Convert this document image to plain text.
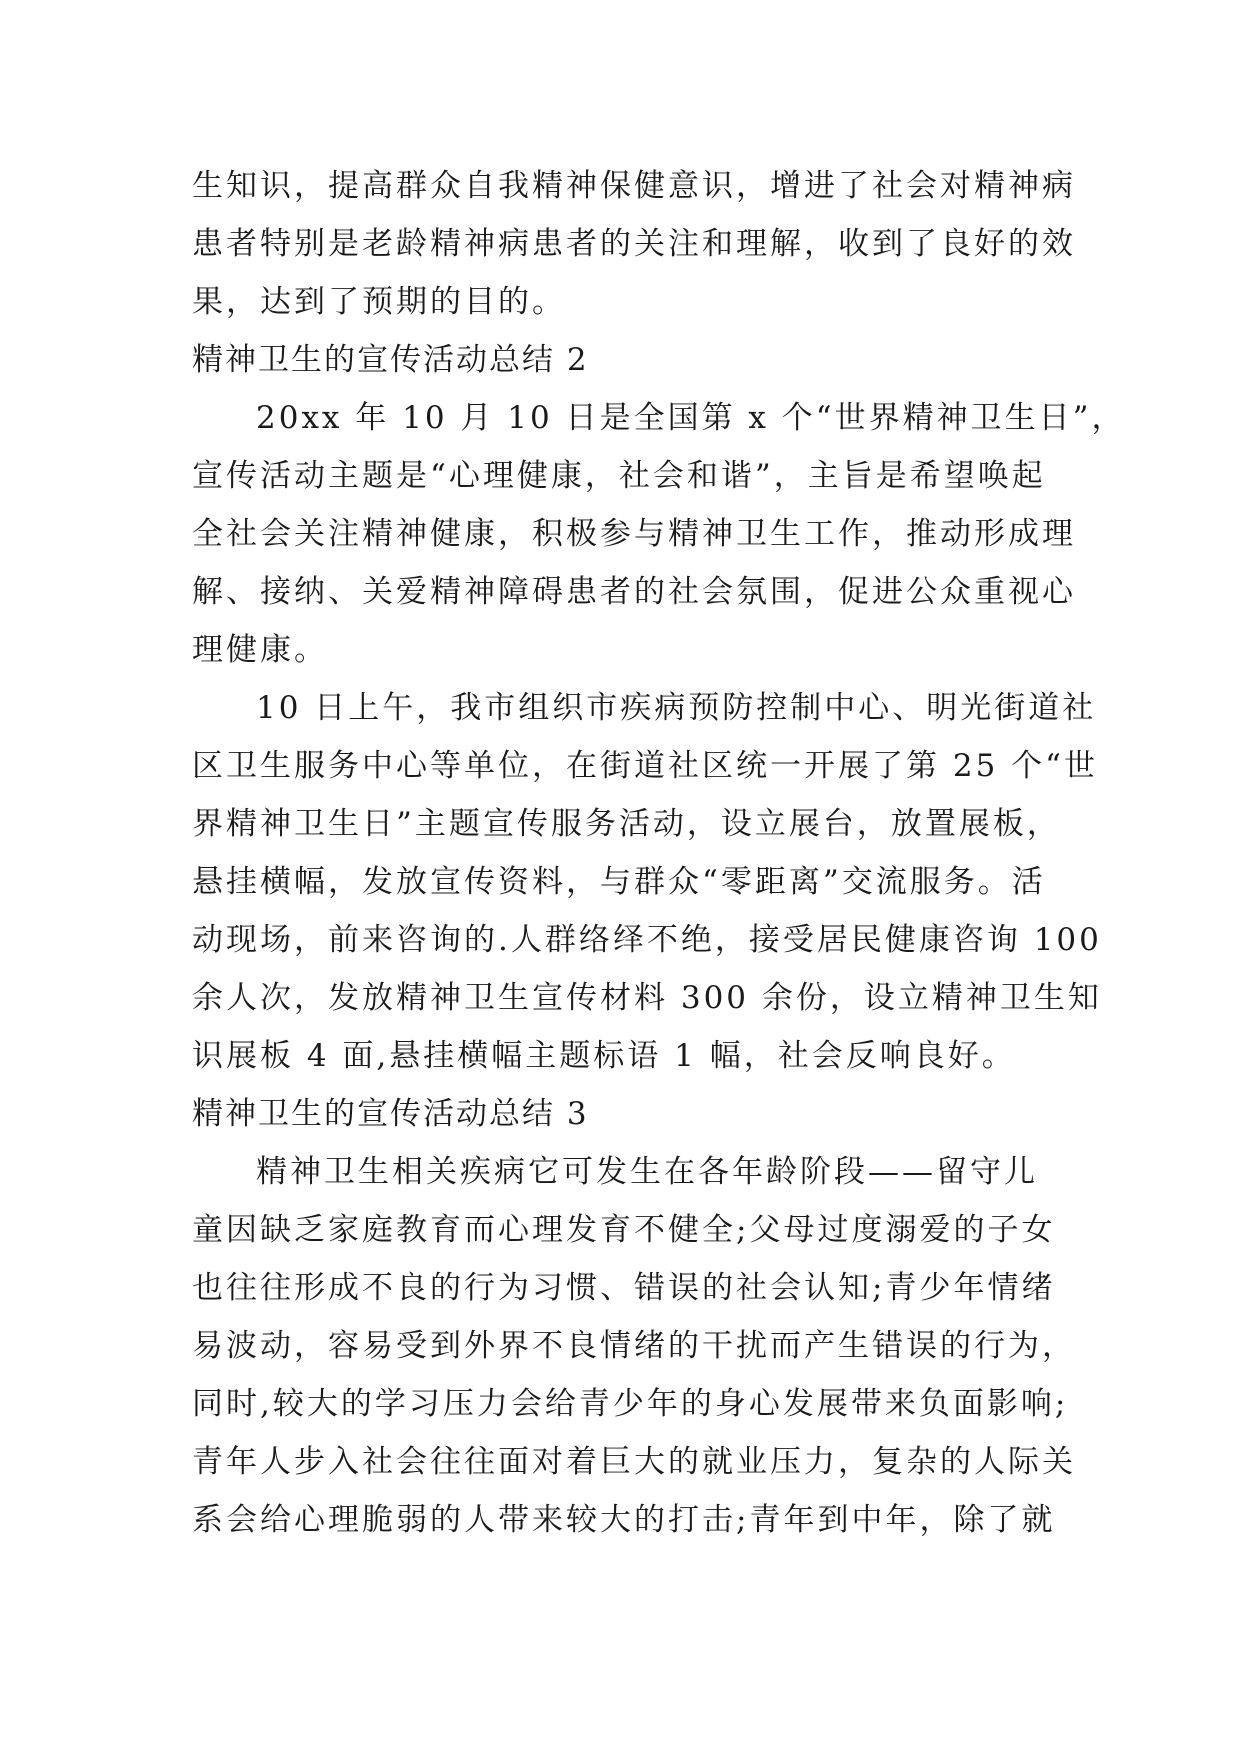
生知识，提高群众自我精神保健意识，增进了社会对精神病
患者特别是老龄精神病患者的关注和理解，收到了良好的效
果，达到了预期的目的。
精神卫生的宣传活动总结 2
20xx 年 10 月 10 日是全国第 x 个“世界精神卫生日”，
宣传活动主题是“心理健康，社会和谐”，主旨是希望唤起
全社会关注精神健康，积极参与精神卫生工作，推动形成理
解、接纳、关爱精神障碍患者的社会氛围，促进公众重视心
理健康。
10 日上午，我市组织市疾病预防控制中心、明光街道社
区卫生服务中心等单位，在街道社区统一开展了第 25 个“世
界精神卫生日”主题宣传服务活动，设立展台，放置展板，
悬挂横幅，发放宣传资料，与群众“零距离”交流服务。活
动现场，前来咨询的.人群络绎不绝，接受居民健康咨询 100
余人次，发放精神卫生宣传材料 300 余份，设立精神卫生知
识展板 4 面,悬挂横幅主题标语 1 幅，社会反响良好。
精神卫生的宣传活动总结 3
精神卫生相关疾病它可发生在各年龄阶段——留守儿
童因缺乏家庭教育而心理发育不健全;父母过度溺爱的子女
也往往形成不良的行为习惯、错误的社会认知;青少年情绪
易波动，容易受到外界不良情绪的干扰而产生错误的行为，
同时,较大的学习压力会给青少年的身心发展带来负面影响;
青年人步入社会往往面对着巨大的就业压力，复杂的人际关
系会给心理脆弱的人带来较大的打击;青年到中年，除了就
